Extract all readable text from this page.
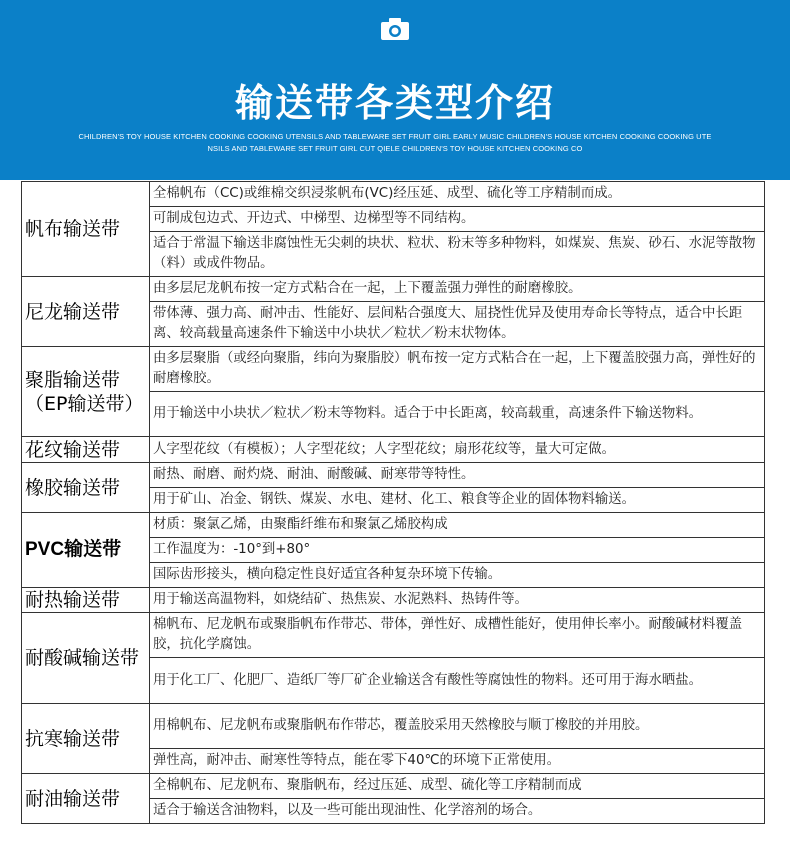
输送带各类型介绍
CHILDREN'S TOY HOUSE KITCHEN COOKING COOKING UTENSILS AND TABLEWARE SET FRUIT GIRL EARLY MUSIC CHILDREN'S HOUSE KITCHEN COOKING COOKING UTE
NSILS AND TABLEWARE SET FRUIT GIRL CUT QIELE CHILDREN'S TOY HOUSE KITCHEN COOKING CO
帆布输送带	全棉帆布（CC)或维棉交织浸浆帆布(VC)经压延、成型、硫化等工序精制而成。
	可制成包边式、开边式、中梯型、边梯型等不同结构。
	适合于常温下输送非腐蚀性无尖刺的块状、粒状、粉末等多种物料，如煤炭、焦炭、砂石、水泥等散物（料）或成件物品。
尼龙输送带	由多层尼龙帆布按一定方式粘合在一起，上下覆盖强力弹性的耐磨橡胶。
	带体薄、强力高、耐冲击、性能好、层间粘合强度大、屈挠性优异及使用寿命长等特点，适合中长距离、较高载量高速条件下输送中小块状／粒状／粉末状物体。
聚脂输送带 （EP输送带）	由多层聚脂（或经向聚脂，纬向为聚脂胶）帆布按一定方式粘合在一起，上下覆盖胶强力高，弹性好的耐磨橡胶。
	用于输送中小块状／粒状／粉末等物料。适合于中长距离，较高载重，高速条件下输送物料。
花纹输送带	人字型花纹（有模板）；人字型花纹；人字型花纹；扇形花纹等，量大可定做。
橡胶输送带	耐热、耐磨、耐灼烧、耐油、耐酸碱、耐寒带等特性。
	用于矿山、冶金、钢铁、煤炭、水电、建材、化工、粮食等企业的固体物料输送。
PVC输送带	材质：聚氯乙烯，由聚酯纤维布和聚氯乙烯胶构成
	工作温度为：-10°到+80°
	国际齿形接头，横向稳定性良好适宜各种复杂环境下传输。
耐热输送带	用于输送高温物料，如烧结矿、热焦炭、水泥熟料、热铸件等。
耐酸碱输送带	棉帆布、尼龙帆布或聚脂帆布作带芯、带体，弹性好、成槽性能好，使用伸长率小。耐酸碱材料覆盖胶，抗化学腐蚀。
	用于化工厂、化肥厂、造纸厂等厂矿企业输送含有酸性等腐蚀性的物料。还可用于海水晒盐。
抗寒输送带	用棉帆布、尼龙帆布或聚脂帆布作带芯，覆盖胶采用天然橡胶与顺丁橡胶的并用胶。
	弹性高，耐冲击、耐寒性等特点，能在零下40℃的环境下正常使用。
耐油输送带	全棉帆布、尼龙帆布、聚脂帆布，经过压延、成型、硫化等工序精制而成
	适合于输送含油物料，以及一些可能出现油性、化学溶剂的场合。
